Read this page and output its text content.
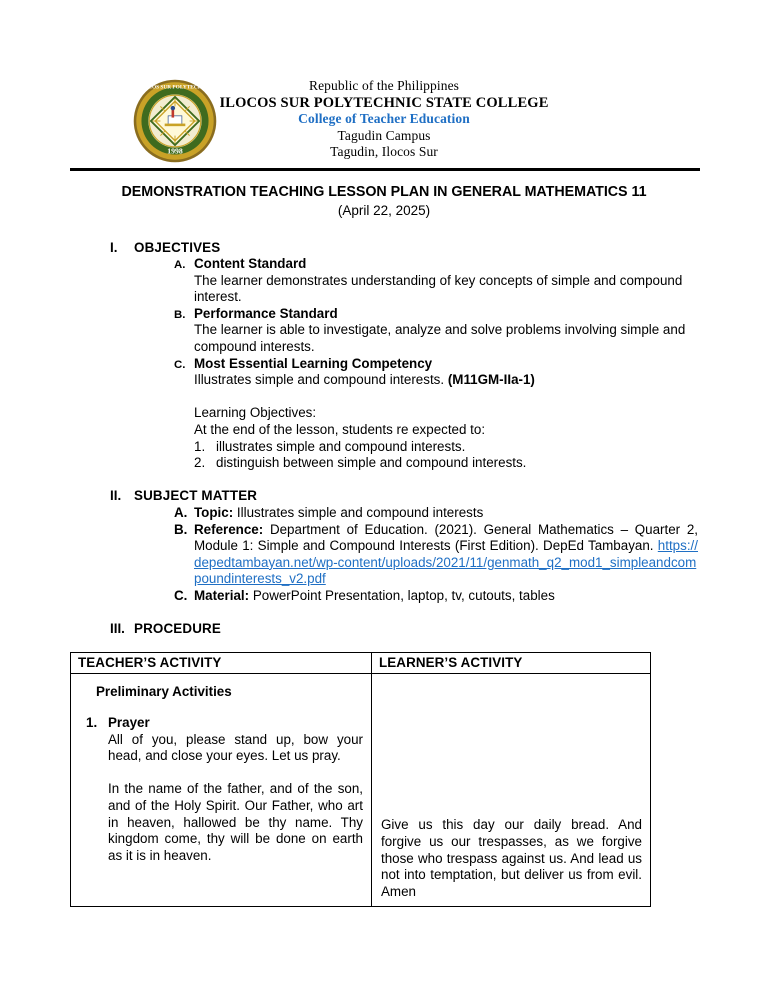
1998
ILOCOS SUR POLYTECHNIC	Republic of the Philippines
ILOCOS SUR POLYTECHNIC STATE COLLEGE
College of Teacher Education
Tagudin Campus
Tagudin, Ilocos Sur
DEMONSTRATION TEACHING LESSON PLAN IN GENERAL MATHEMATICS 11
(April 22, 2025)
I.	OBJECTIVES
A. Content Standard
The learner demonstrates understanding of key concepts of simple and compound interest.
B. Performance Standard
The learner is able to investigate, analyze and solve problems involving simple and compound interests.
C. Most Essential Learning Competency
Illustrates simple and compound interests. (M11GM-IIa-1)
Learning Objectives:
At the end of the lesson, students re expected to:
1. illustrates simple and compound interests.
2. distinguish between simple and compound interests.
II. SUBJECT MATTER
A. Topic: Illustrates simple and compound interests
B. Reference: Department of Education. (2021). General Mathematics – Quarter 2, Module 1: Simple and Compound Interests (First Edition). DepEd Tambayan. https://depedtambayan.net/wp-content/uploads/2021/11/genmath_q2_mod1_simpleandcompoundinterests_v2.pdf
C. Material: PowerPoint Presentation, laptop, tv, cutouts, tables
III. PROCEDURE
TEACHER’S ACTIVITY	LEARNER’S ACTIVITY

Preliminary Activities
1. Prayer
All of you, please stand up, bow your head, and close your eyes. Let us pray.
In the name of the father, and of the son, and of the Holy Spirit. Our Father, who art in heaven, hallowed be thy name. Thy kingdom come, thy will be done on earth as it is in heaven.	Give us this day our daily bread. And forgive us our trespasses, as we forgive those who trespass against us. And lead us not into temptation, but deliver us from evil. Amen
